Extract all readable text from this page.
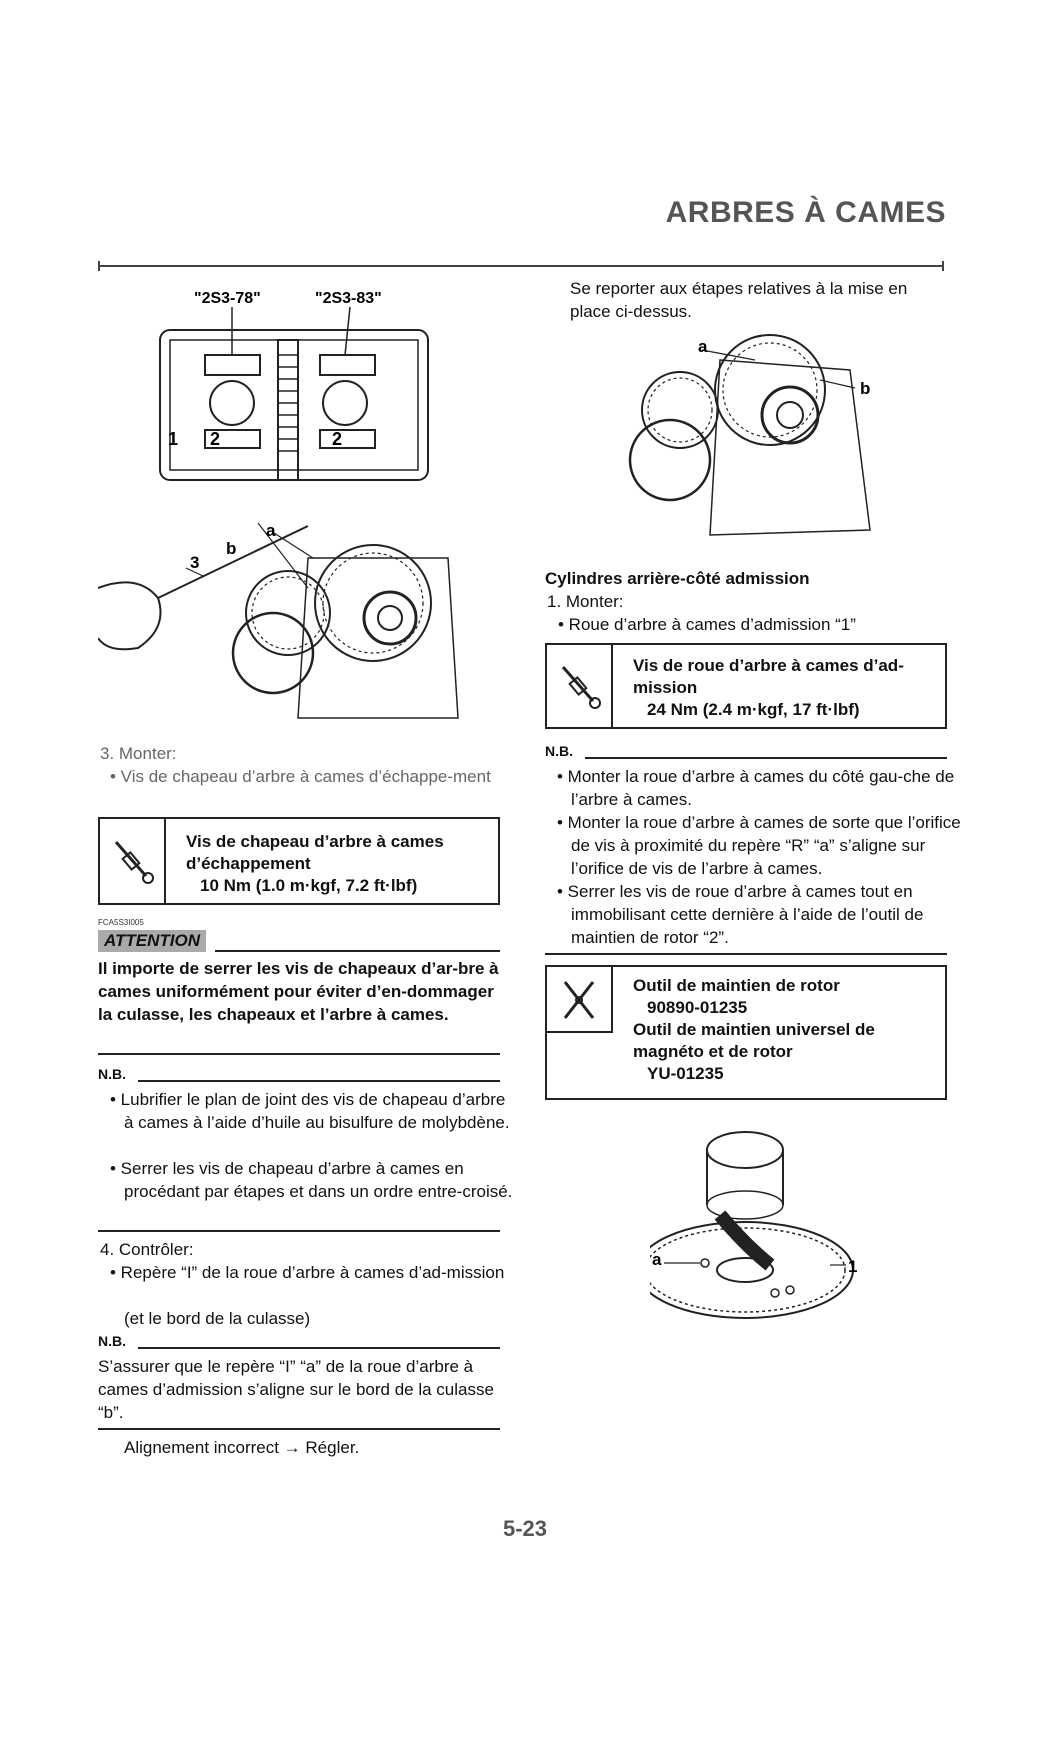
ARBRES À CAMES
"2S3-78"	"2S3-83"
1 2	2
a
b
3
3. Monter:
• Vis de chapeau d’arbre à cames d’échappe-ment
Vis de chapeau d’arbre à cames
d’échappement
10 Nm (1.0 m·kgf, 7.2 ft·lbf)
FCA5S3I005
ATTENTION
Il importe de serrer les vis de chapeaux d’ar-bre à cames uniformément pour éviter d’en-dommager la culasse, les chapeaux et l’arbre à cames.
N.B.
• Lubrifier le plan de joint des vis de chapeau d’arbre à cames à l’aide d’huile au bisulfure de molybdène.
• Serrer les vis de chapeau d’arbre à cames en procédant par étapes et dans un ordre entre-croisé.
4. Contrôler:
• Repère “I” de la roue d’arbre à cames d’ad-mission
(et le bord de la culasse)
N.B.
S’assurer que le repère “I” “a” de la roue d’arbre à cames d’admission s’aligne sur le bord de la culasse “b”.
Alignement incorrect → Régler.
Se reporter aux étapes relatives à la mise en place ci-dessus.
a
b
Cylindres arrière-côté admission
1. Monter:
• Roue d’arbre à cames d’admission “1”
Vis de roue d’arbre à cames d’ad-
mission
24 Nm (2.4 m·kgf, 17 ft·lbf)
N.B.
• Monter la roue d’arbre à cames du côté gau-che de l’arbre à cames.
• Monter la roue d’arbre à cames de sorte que l’orifice de vis à proximité du repère “R” “a” s’aligne sur l’orifice de vis de l’arbre à cames.
• Serrer les vis de roue d’arbre à cames tout en immobilisant cette dernière à l’aide de l’outil de maintien de rotor “2”.
Outil de maintien de rotor
90890-01235
Outil de maintien universel de
magnéto et de rotor
YU-01235
a	1
5-23
